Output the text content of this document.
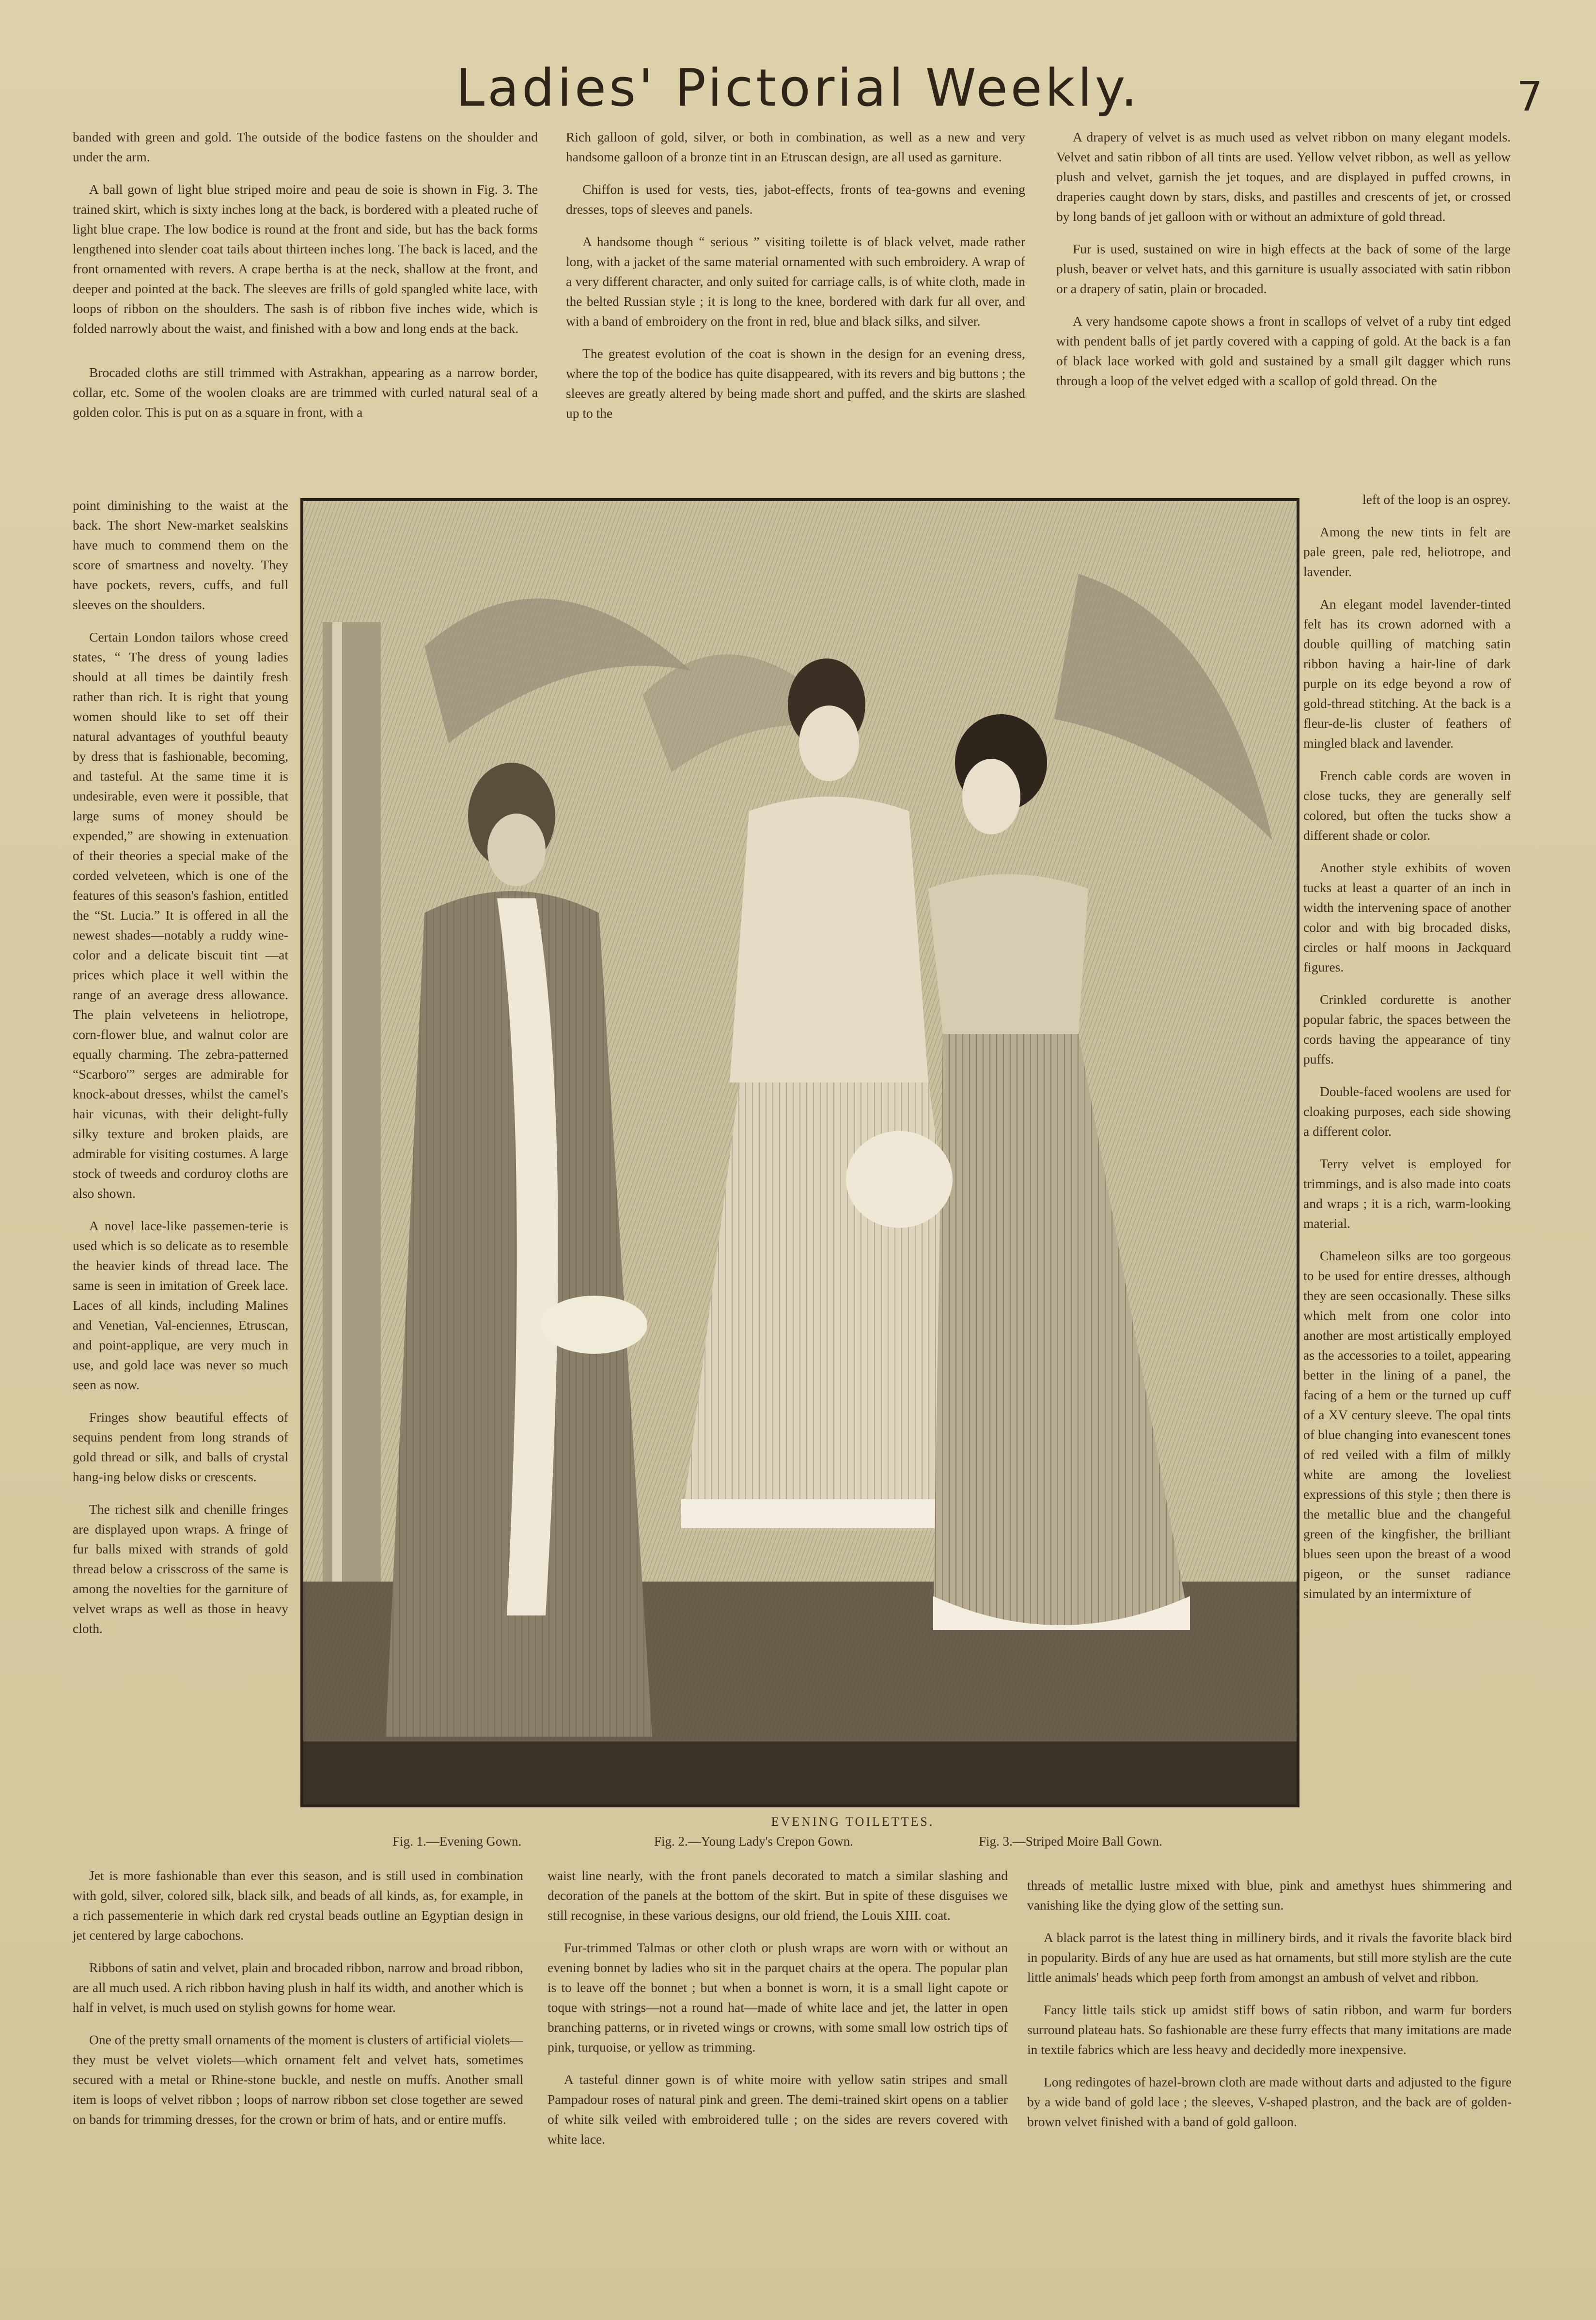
Ladies' Pictorial Weekly.	7

banded with green and gold. The outside of the bodice fastens on the shoulder and under the arm.

A ball gown of light blue striped moire and peau de soie is shown in Fig. 3. The trained skirt, which is sixty inches long at the back, is bordered with a pleated ruche of light blue crape. The low bodice is round at the front and side, but has the back forms lengthened into slender coat tails about thirteen inches long. The back is laced, and the front ornamented with revers. A crape bertha is at the neck, shallow at the front, and deeper and pointed at the back. The sleeves are frills of gold spangled white lace, with loops of ribbon on the shoulders. The sash is of ribbon five inches wide, which is folded narrowly about the waist, and finished with a bow and long ends at the back.

Brocaded cloths are still trimmed with Astrakhan, appearing as a narrow border, collar, etc. Some of the woolen cloaks are are trimmed with curled natural seal of a golden color. This is put on as a square in front, with a

point diminishing to the waist at the back. The short New-market sealskins have much to commend them on the score of smartness and novelty. They have pockets, revers, cuffs, and full sleeves on the shoulders.

Certain London tailors whose creed states, “ The dress of young ladies should at all times be daintily fresh rather than rich. It is right that young women should like to set off their natural advantages of youthful beauty by dress that is fashionable, becoming, and tasteful. At the same time it is undesirable, even were it possible, that large sums of money should be expended,” are showing in extenuation of their theories a special make of the corded velveteen, which is one of the features of this season's fashion, entitled the “St. Lucia.” It is offered in all the newest shades—notably a ruddy wine-color and a delicate biscuit tint —at prices which place it well within the range of an average dress allowance. The plain velveteens in heliotrope, corn-flower blue, and walnut color are equally charming. The zebra-patterned “Scarboro'” serges are admirable for knock-about dresses, whilst the camel's hair vicunas, with their delight-fully silky texture and broken plaids, are admirable for visiting costumes. A large stock of tweeds and corduroy cloths are also shown.

A novel lace-like passemen-terie is used which is so delicate as to resemble the heavier kinds of thread lace. The same is seen in imitation of Greek lace. Laces of all kinds, including Malines and Venetian, Val-enciennes, Etruscan, and point-applique, are very much in use, and gold lace was never so much seen as now.

Fringes show beautiful effects of sequins pendent from long strands of gold thread or silk, and balls of crystal hang-ing below disks or crescents.

The richest silk and chenille fringes are displayed upon wraps. A fringe of fur balls mixed with strands of gold thread below a crisscross of the same is among the novelties for the garniture of velvet wraps as well as those in heavy cloth.

Rich galloon of gold, silver, or both in combination, as well as a new and very handsome galloon of a bronze tint in an Etruscan design, are all used as garniture.

Chiffon is used for vests, ties, jabot-effects, fronts of tea-gowns and evening dresses, tops of sleeves and panels.

A handsome though “ serious ” visiting toilette is of black velvet, made rather long, with a jacket of the same material ornamented with such embroidery. A wrap of a very different character, and only suited for carriage calls, is of white cloth, made in the belted Russian style ; it is long to the knee, bordered with dark fur all over, and with a band of embroidery on the front in red, blue and black silks, and silver.

The greatest evolution of the coat is shown in the design for an evening dress, where the top of the bodice has quite disappeared, with its revers and big buttons ; the sleeves are greatly altered by being made short and puffed, and the skirts are slashed up to the

A drapery of velvet is as much used as velvet ribbon on many elegant models. Velvet and satin ribbon of all tints are used. Yellow velvet ribbon, as well as yellow plush and velvet, garnish the jet toques, and are displayed in puffed crowns, in draperies caught down by stars, disks, and pastilles and crescents of jet, or crossed by long bands of jet galloon with or without an admixture of gold thread.

Fur is used, sustained on wire in high effects at the back of some of the large plush, beaver or velvet hats, and this garniture is usually associated with satin ribbon or a drapery of satin, plain or brocaded.

A very handsome capote shows a front in scallops of velvet of a ruby tint edged with pendent balls of jet partly covered with a capping of gold. At the back is a fan of black lace worked with gold and sustained by a small gilt dagger which runs through a loop of the velvet edged with a scallop of gold thread. On the

left of the loop is an osprey.

Among the new tints in felt are pale green, pale red, heliotrope, and lavender.

An elegant model lavender-tinted felt has its crown adorned with a double quilling of matching satin ribbon having a hair-line of dark purple on its edge beyond a row of gold-thread stitching. At the back is a fleur-de-lis cluster of feathers of mingled black and lavender.

French cable cords are woven in close tucks, they are generally self colored, but often the tucks show a different shade or color.

Another style exhibits of woven tucks at least a quarter of an inch in width the intervening space of another color and with big brocaded disks, circles or half moons in Jackquard figures.

Crinkled cordurette is another popular fabric, the spaces between the cords having the appearance of tiny puffs.

Double-faced woolens are used for cloaking purposes, each side showing a different color.

Terry velvet is employed for trimmings, and is also made into coats and wraps ; it is a rich, warm-looking material.

Chameleon silks are too gorgeous to be used for entire dresses, although they are seen occasionally. These silks which melt from one color into another are most artistically employed as the accessories to a toilet, appearing better in the lining of a panel, the facing of a hem or the turned up cuff of a XV century sleeve. The opal tints of blue changing into evanescent tones of red veiled with a film of milkly white are among the loveliest expressions of this style ; then there is the metallic blue and the changeful green of the kingfisher, the brilliant blues seen upon the breast of a wood pigeon, or the sunset radiance simulated by an intermixture of

EVENING TOILETTES.
Fig. 1.—Evening Gown.	Fig. 2.—Young Lady's Crepon Gown.	Fig. 3.—Striped Moire Ball Gown.

Jet is more fashionable than ever this season, and is still used in combination with gold, silver, colored silk, black silk, and beads of all kinds, as, for example, in a rich passementerie in which dark red crystal beads outline an Egyptian design in jet centered by large cabochons.

Ribbons of satin and velvet, plain and brocaded ribbon, narrow and broad ribbon, are all much used. A rich ribbon having plush in half its width, and another which is half in velvet, is much used on stylish gowns for home wear.

One of the pretty small ornaments of the moment is clusters of artificial violets—they must be velvet violets—which ornament felt and velvet hats, sometimes secured with a metal or Rhine-stone buckle, and nestle on muffs. Another small item is loops of velvet ribbon ; loops of narrow ribbon set close together are sewed on bands for trimming dresses, for the crown or brim of hats, and or entire muffs.

waist line nearly, with the front panels decorated to match a similar slashing and decoration of the panels at the bottom of the skirt. But in spite of these disguises we still recognise, in these various designs, our old friend, the Louis XIII. coat.

Fur-trimmed Talmas or other cloth or plush wraps are worn with or without an evening bonnet by ladies who sit in the parquet chairs at the opera. The popular plan is to leave off the bonnet ; but when a bonnet is worn, it is a small light capote or toque with strings—not a round hat—made of white lace and jet, the latter in open branching patterns, or in riveted wings or crowns, with some small low ostrich tips of pink, turquoise, or yellow as trimming.

A tasteful dinner gown is of white moire with yellow satin stripes and small Pampadour roses of natural pink and green. The demi-trained skirt opens on a tablier of white silk veiled with embroidered tulle ; on the sides are revers covered with white lace.

threads of metallic lustre mixed with blue, pink and amethyst hues shimmering and vanishing like the dying glow of the setting sun.

A black parrot is the latest thing in millinery birds, and it rivals the favorite black bird in popularity. Birds of any hue are used as hat ornaments, but still more stylish are the cute little animals' heads which peep forth from amongst an ambush of velvet and ribbon.

Fancy little tails stick up amidst stiff bows of satin ribbon, and warm fur borders surround plateau hats. So fashionable are these furry effects that many imitations are made in textile fabrics which are less heavy and decidedly more inexpensive.

Long redingotes of hazel-brown cloth are made without darts and adjusted to the figure by a wide band of gold lace ; the sleeves, V-shaped plastron, and the back are of golden-brown velvet finished with a band of gold galloon.
